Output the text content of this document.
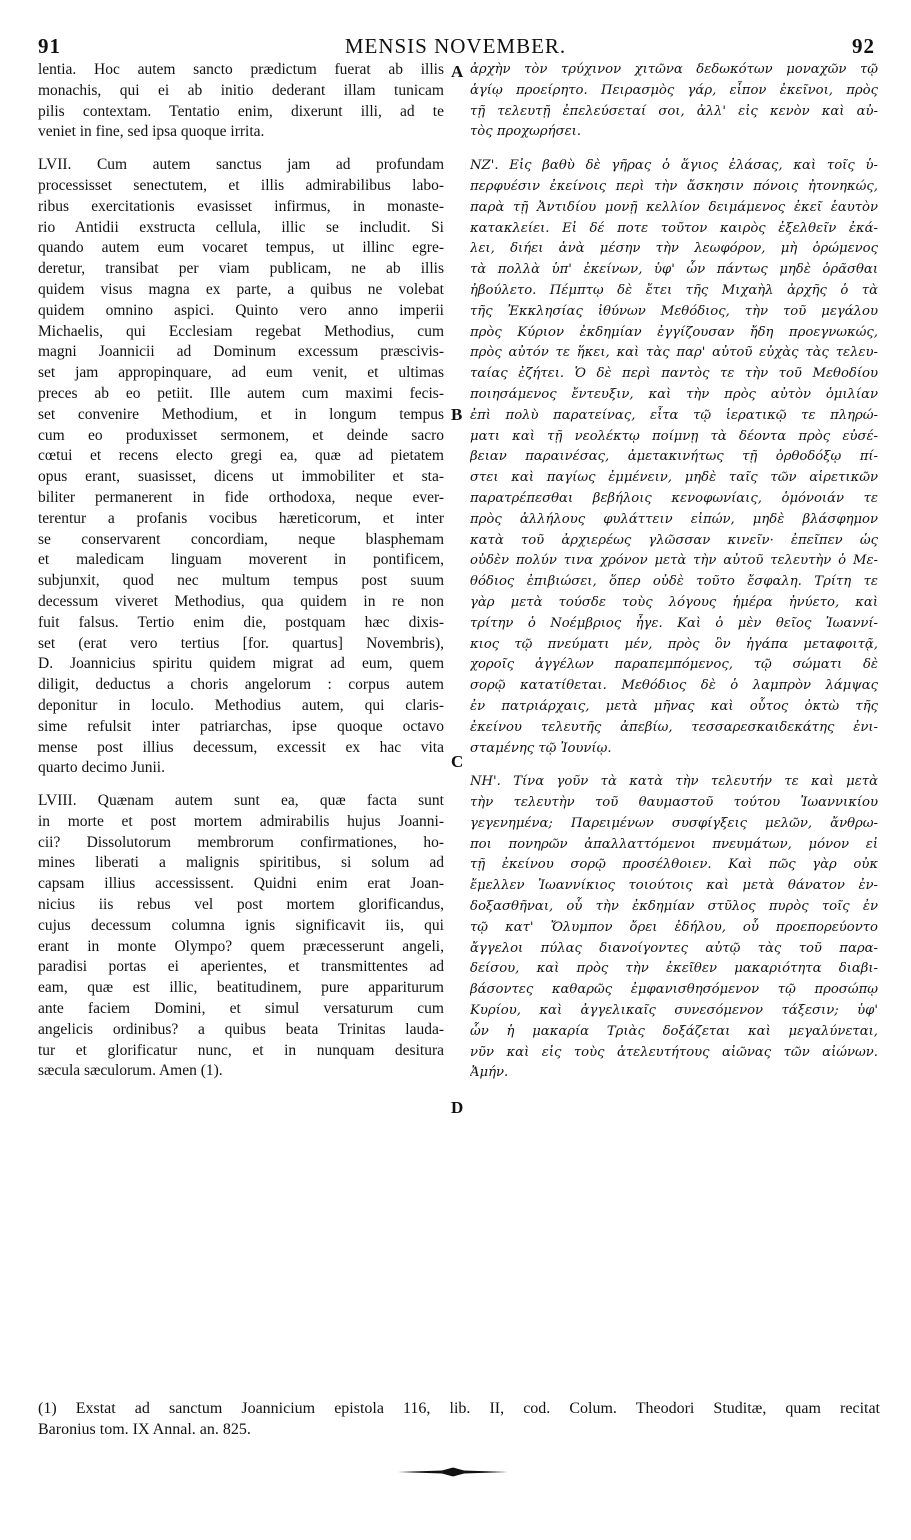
91	MENSIS NOVEMBER.	92
lentia. Hoc autem sancto prædictum fuerat ab illis
monachis, qui ei ab initio dederant illam tunicam
pilis contextam. Tentatio enim, dixerunt illi, ad te
veniet in fine, sed ipsa quoque irrita.
LVII. Cum autem sanctus jam ad profundam
processisset senectutem, et illis admirabilibus labo-
ribus exercitationis evasisset infirmus, in monaste-
rio Antidii exstructa cellula, illic se includit. Si
quando autem eum vocaret tempus, ut illinc egre-
deretur, transibat per viam publicam, ne ab illis
quidem visus magna ex parte, a quibus ne volebat
quidem omnino aspici. Quinto vero anno imperii
Michaelis, qui Ecclesiam regebat Methodius, cum
magni Joannicii ad Dominum excessum præscivis-
set jam appropinquare, ad eum venit, et ultimas
preces ab eo petiit. Ille autem cum maximi fecis-
set convenire Methodium, et in longum tempus
cum eo produxisset sermonem, et deinde sacro
cœtui et recens electo gregi ea, quæ ad pietatem
opus erant, suasisset, dicens ut immobiliter et sta-
biliter permanerent in fide orthodoxa, neque ever-
terentur a profanis vocibus hæreticorum, et inter
se conservarent concordiam, neque blasphemam
et maledicam linguam moverent in pontificem,
subjunxit, quod nec multum tempus post suum
decessum viveret Methodius, qua quidem in re non
fuit falsus. Tertio enim die, postquam hæc dixis-
set (erat vero tertius [for. quartus] Novembris),
D. Joannicius spiritu quidem migrat ad eum, quem
diligit, deductus a choris angelorum : corpus autem
deponitur in loculo. Methodius autem, qui claris-
sime refulsit inter patriarchas, ipse quoque octavo
mense post illius decessum, excessit ex hac vita
quarto decimo Junii.
LVIII. Quænam autem sunt ea, quæ facta sunt
in morte et post mortem admirabilis hujus Joanni-
cii? Dissolutorum membrorum confirmationes, ho-
mines liberati a malignis spiritibus, si solum ad
capsam illius accessissent. Quidni enim erat Joan-
nicius iis rebus vel post mortem glorificandus,
cujus decessum columna ignis significavit iis, qui
erant in monte Olympo? quem præcesserunt angeli,
paradisi portas ei aperientes, et transmittentes ad
eam, quæ est illic, beatitudinem, pure appariturum
ante faciem Domini, et simul versaturum cum
angelicis ordinibus? a quibus beata Trinitas lauda-
tur et glorificatur nunc, et in nunquam desitura
sæcula sæculorum. Amen (1).
ἀρχὴν τὸν τρύχινον χιτῶνα δεδωκότων μοναχῶν τῷ
ἁγίῳ προείρητο. Πειρασμὸς γάρ, εἶπον ἐκεῖνοι, πρὸς
τῇ τελευτῇ ἐπελεύσεταί σοι, ἀλλ' εἰς κενὸν καὶ αὐ-
τὸς προχωρήσει.
ΝΖ'. Εἰς βαθὺ δὲ γῆρας ὁ ἅγιος ἐλάσας, καὶ τοῖς ὑ-
περφυέσιν ἐκείνοις περὶ τὴν ἄσκησιν πόνοις ἠτονηκώς,
παρὰ τῇ Ἀντιδίου μονῇ κελλίον δειμάμενος ἐκεῖ ἑαυτὸν
κατακλείει. Εἰ δέ ποτε τοῦτον καιρὸς ἐξελθεῖν ἐκά-
λει, διήει ἀνὰ μέσην τὴν λεωφόρον, μὴ ὁρώμενος
τὰ πολλὰ ὑπ' ἐκείνων, ὑφ' ὧν πάντως μηδὲ ὁρᾶσθαι
ἠβούλετο. Πέμπτῳ δὲ ἔτει τῆς Μιχαὴλ ἀρχῆς ὁ τὰ
τῆς Ἐκκλησίας ἰθύνων Μεθόδιος, τὴν τοῦ μεγάλου
πρὸς Κύριον ἐκδημίαν ἐγγίζουσαν ἤδη προεγνωκώς,
πρὸς αὐτόν τε ἥκει, καὶ τὰς παρ' αὐτοῦ εὐχὰς τὰς τελευ-
ταίας ἐζήτει. Ὁ δὲ περὶ παντὸς τε τὴν τοῦ Μεθοδίου
ποιησάμενος ἔντευξιν, καὶ τὴν πρὸς αὐτὸν ὁμιλίαν
ἐπὶ πολὺ παρατείνας, εἶτα τῷ ἱερατικῷ τε πληρώ-
ματι καὶ τῇ νεολέκτῳ ποίμνῃ τὰ δέοντα πρὸς εὐσέ-
βειαν παραινέσας, ἀμετακινήτως τῇ ὀρθοδόξῳ πί-
στει καὶ παγίως ἐμμένειν, μηδὲ ταῖς τῶν αἱρετικῶν
παρατρέπεσθαι βεβήλοις κενοφωνίαις, ὁμόνοιάν τε
πρὸς ἀλλήλους φυλάττειν εἰπών, μηδὲ βλάσφημον
κατὰ τοῦ ἀρχιερέως γλῶσσαν κινεῖν· ἐπεῖπεν ὡς
οὐδὲν πολύν τινα χρόνον μετὰ τὴν αὐτοῦ τελευτὴν ὁ Με-
θόδιος ἐπιβιώσει, ὅπερ οὐδὲ τοῦτο ἔσφαλη. Τρίτη τε
γὰρ μετὰ τούσδε τοὺς λόγους ἡμέρα ἠνύετο, καὶ
τρίτην ὁ Νοέμβριος ἦγε. Καὶ ὁ μὲν θεῖος Ἰωαννί-
κιος τῷ πνεύματι μέν, πρὸς ὃν ἠγάπα μεταφοιτᾷ,
χοροῖς ἀγγέλων παραπεμπόμενος, τῷ σώματι δὲ
σορῷ κατατίθεται. Μεθόδιος δὲ ὁ λαμπρὸν λάμψας
ἐν πατριάρχαις, μετὰ μῆνας καὶ οὗτος ὀκτὼ τῆς
ἐκείνου τελευτῆς ἀπεβίω, τεσσαρεσκαιδεκάτης ἐνι-
σταμένης τῷ Ἰουνίῳ.
ΝΗ'. Τίνα γοῦν τὰ κατὰ τὴν τελευτήν τε καὶ μετὰ
τὴν τελευτὴν τοῦ θαυμαστοῦ τούτου Ἰωαννικίου
γεγενημένα; Παρειμένων συσφίγξεις μελῶν, ἄνθρω-
ποι πονηρῶν ἀπαλλαττόμενοι πνευμάτων, μόνον εἰ
τῇ ἐκείνου σορῷ προσέλθοιεν. Καὶ πῶς γὰρ οὐκ
ἔμελλεν Ἰωαννίκιος τοιούτοις καὶ μετὰ θάνατον ἐν-
δοξασθῆναι, οὗ τὴν ἐκδημίαν στῦλος πυρὸς τοῖς ἐν
τῷ κατ' Ὄλυμπον ὄρει ἐδήλου, οὗ προεπορεύοντο
ἄγγελοι πύλας διανοίγοντες αὐτῷ τὰς τοῦ παρα-
δείσου, καὶ πρὸς τὴν ἐκεῖθεν μακαριότητα διαβι-
βάσοντες καθαρῶς ἐμφανισθησόμενον τῷ προσώπῳ
Κυρίου, καὶ ἀγγελικαῖς συνεσόμενον τάξεσιν; ὑφ'
ὧν ἡ μακαρία Τριὰς δοξάζεται καὶ μεγαλύνεται,
νῦν καὶ εἰς τοὺς ἀτελευτήτους αἰῶνας τῶν αἰώνων.
Ἀμήν.
A
B
C
D
(1) Exstat ad sanctum Joannicium epistola 116, lib. II, cod. Colum. Theodori Studitæ, quam recitat
Baronius tom. IX Annal. an. 825.
